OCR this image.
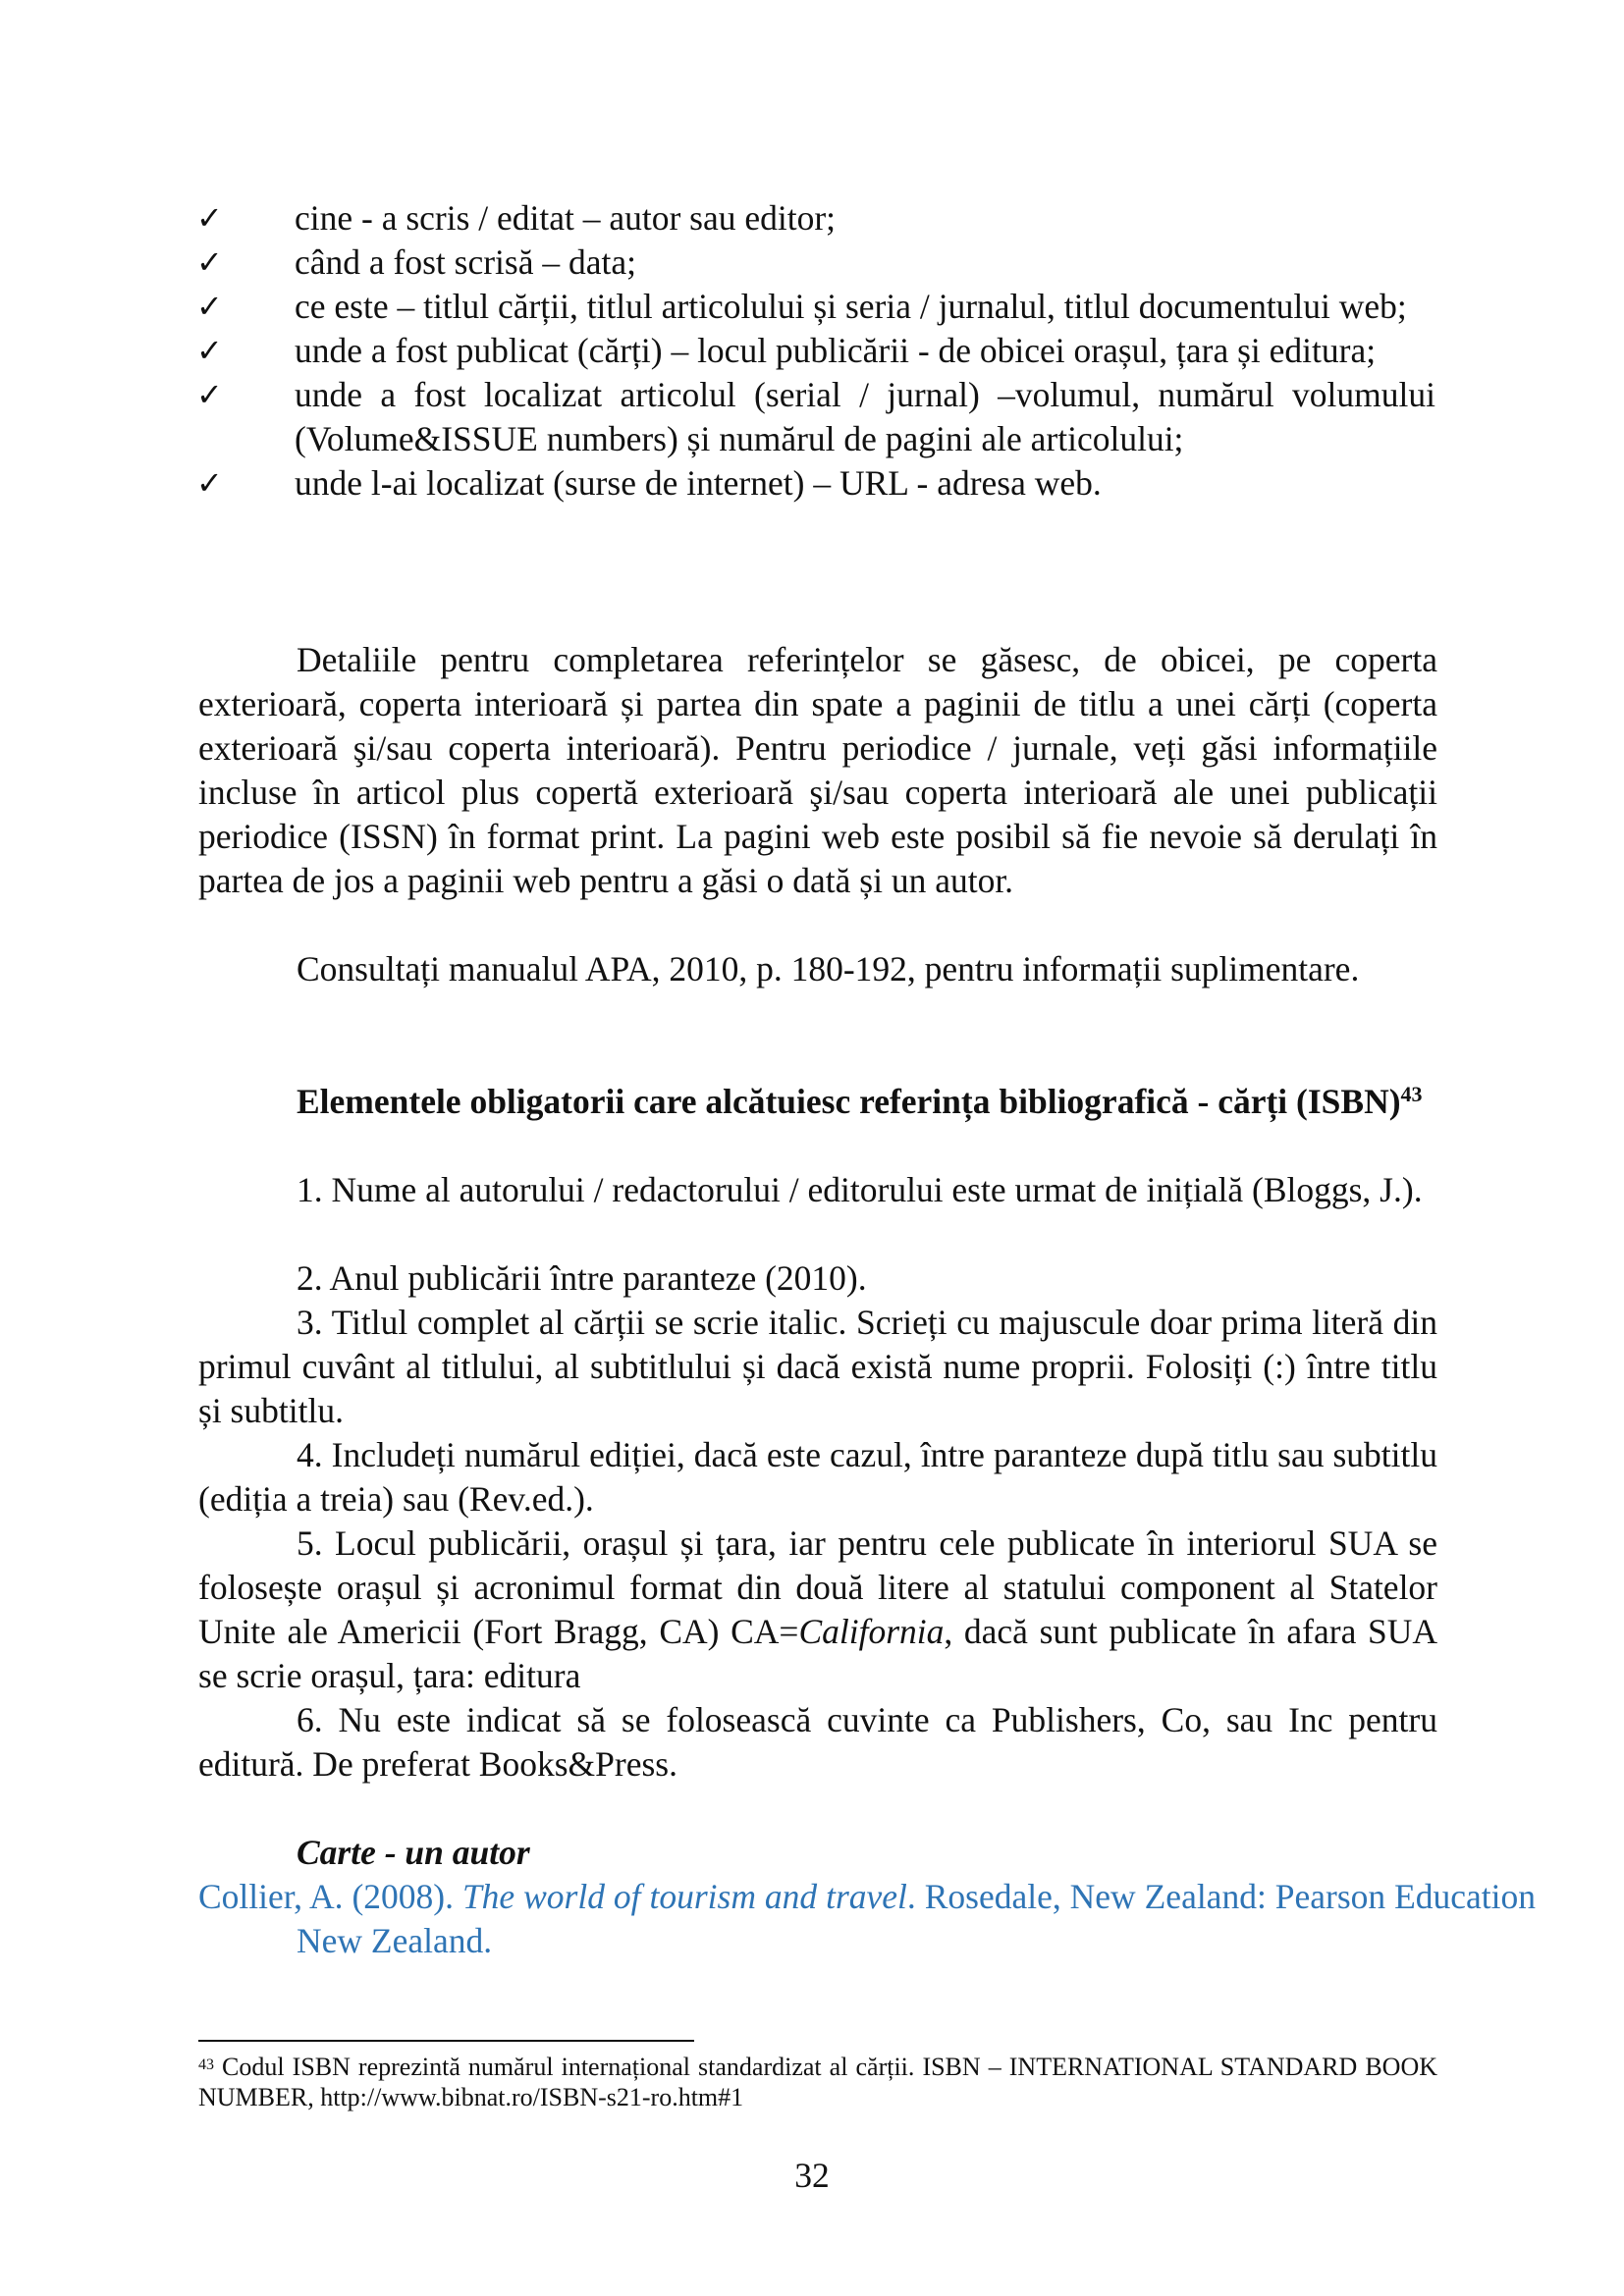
✓	cine - a scris / editat – autor sau editor;
✓	când a fost scrisă – data;
✓	ce este – titlul cărții, titlul articolului și seria / jurnalul, titlul documentului web;
✓	unde a fost publicat (cărți) – locul publicării - de obicei orașul, țara și editura;
✓	unde a fost localizat articolul (serial / jurnal) –volumul, numărul volumului (Volume&ISSUE numbers) și numărul de pagini ale articolului;
✓	unde l-ai localizat (surse de internet) – URL - adresa web.
Detaliile pentru completarea referințelor se găsesc, de obicei, pe coperta exterioară, coperta interioară și partea din spate a paginii de titlu a unei cărți (coperta exterioară şi/sau coperta interioară). Pentru periodice / jurnale, veți găsi informațiile incluse în articol plus copertă exterioară şi/sau coperta interioară ale unei publicații periodice (ISSN) în format print. La pagini web este posibil să fie nevoie să derulați în partea de jos a paginii web pentru a găsi o dată și un autor.
Consultați manualul APA, 2010, p. 180-192, pentru informații suplimentare.
Elementele obligatorii care alcătuiesc referința bibliografică - cărți (ISBN)$^{43}$
1. Nume al autorului / redactorului / editorului este urmat de inițială (Bloggs, J.).
2. Anul publicării între paranteze (2010).
3. Titlul complet al cărții se scrie italic. Scrieți cu majuscule doar prima literă din primul cuvânt al titlului, al subtitlului și dacă există nume proprii. Folosiți (:) între titlu și subtitlu.
4. Includeți numărul ediției, dacă este cazul, între paranteze după titlu sau subtitlu (ediția a treia) sau (Rev.ed.).
5. Locul publicării, orașul și țara, iar pentru cele publicate în interiorul SUA se folosește orașul și acronimul format din două litere al statului component al Statelor Unite ale Americii (Fort Bragg, CA) CA=California, dacă sunt publicate în afara SUA se scrie orașul, țara: editura
6. Nu este indicat să se folosească cuvinte ca Publishers, Co, sau Inc pentru editură. De preferat Books&Press.
Carte - un autor
Collier, A. (2008). The world of tourism and travel. Rosedale, New Zealand: Pearson Education New Zealand.
$^{43}$ Codul ISBN reprezintă numărul internațional standardizat al cărții. ISBN – INTERNATIONAL STANDARD BOOK NUMBER, http://www.bibnat.ro/ISBN-s21-ro.htm#1
32
